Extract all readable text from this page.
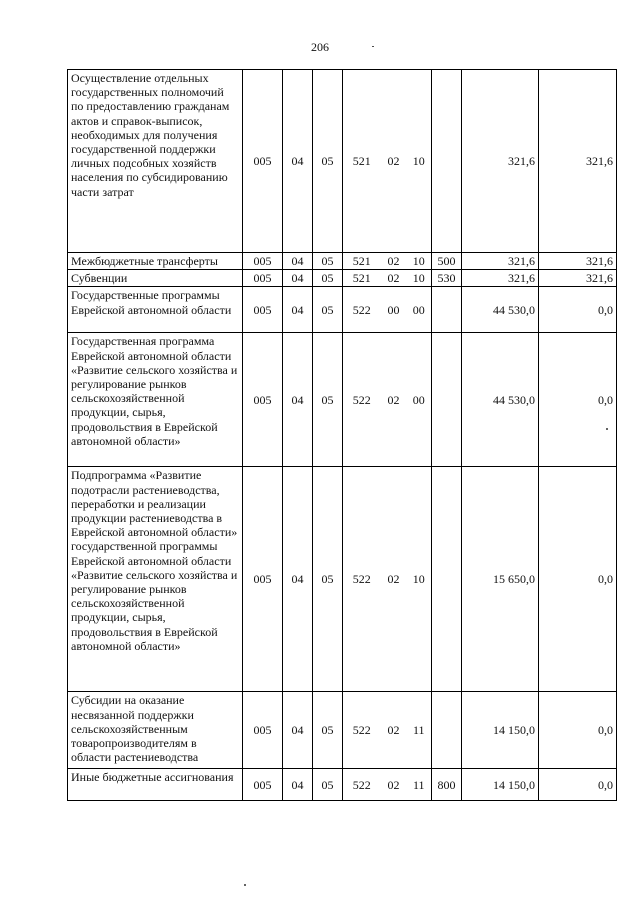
206
Осуществление отдельных государственных полномочий по предоставлению гражданам актов и справок-выписок, необходимых для получения государственной поддержки личных подсобных хозяйств населения по субсидированию части затрат	005	04	05	521	02	10		321,6	321,6
Межбюджетные трансферты	005	04	05	521	02	10	500	321,6	321,6
Субвенции	005	04	05	521	02	10	530	321,6	321,6
Государственные программы Еврейской автономной области	005	04	05	522	00	00		44 530,0	0,0
Государственная программа Еврейской автономной области «Развитие сельского хозяйства и регулирование рынков сельскохозяйственной продукции, сырья, продовольствия в Еврейской автономной области»	005	04	05	522	02	00		44 530,0	0,0
Подпрограмма «Развитие подотрасли растениеводства, переработки и реализации продукции растениеводства в Еврейской автономной области» государственной программы Еврейской автономной области «Развитие сельского хозяйства и регулирование рынков сельскохозяйственной продукции, сырья, продовольствия в Еврейской автономной области»	005	04	05	522	02	10		15 650,0	0,0
Субсидии на оказание несвязанной поддержки сельскохозяйственным товаропроизводителям в области растениеводства	005	04	05	522	02	11		14 150,0	0,0
Иные бюджетные ассигнования	005	04	05	522	02	11	800	14 150,0	0,0
